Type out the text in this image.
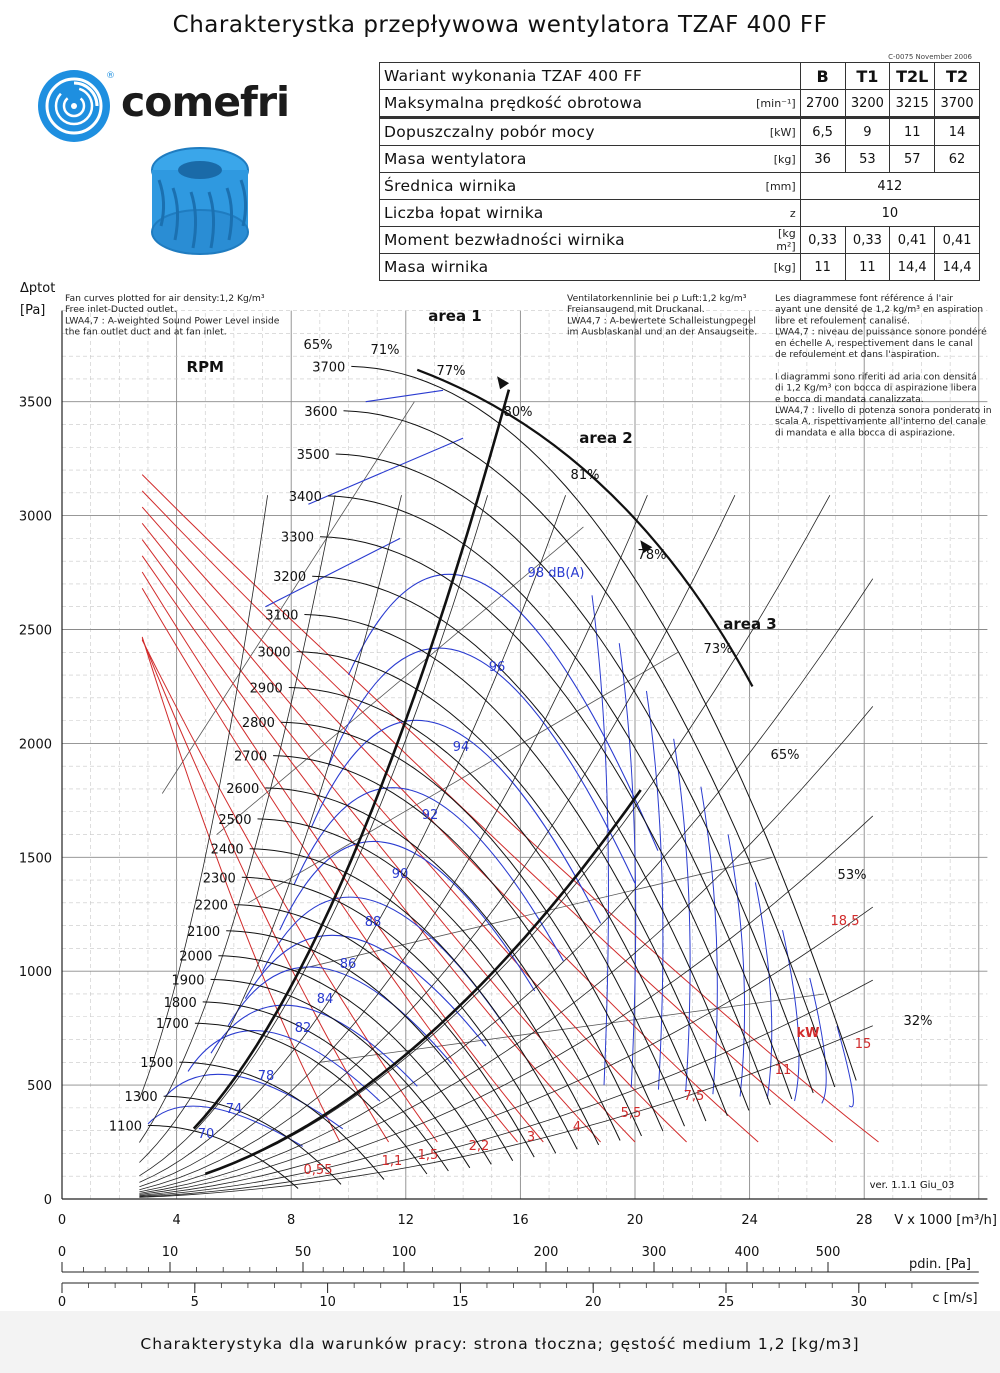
Charakterystka przepływowa wentylatora TZAF 400 FF
C-0075 November 2006
®
comefri
Wariant wykonania TZAF 400 FF		B	T1	T2L	T2
Maksymalna prędkość obrotowa	[min⁻¹]	2700	3200	3215	3700
Dopuszczalny pobór mocy	[kW]	6,5	9	11	14
Masa wentylatora	[kg]	36	53	57	62
Średnica wirnika	[mm]	412			
Liczba łopat wirnika	z	10			
Moment bezwładności wirnika	[kg m²]	0,33	0,33	0,41	0,41
Masa wirnika	[kg]	11	11	14,4	14,4
1100
1300
1500
1700
1800
1900
2000
2100
2200
2300
2400
2500
2600
2700
2800
2900
3000
3100
3200
3300
3400
3500
3600
3700
RPM
area 1
area 2
area 3
65%	71%
77%
80%
81%
78%
73%
65%
53%
32%
70
74
78
82
84
86
88
90
92
94
96
98 dB(A)
0,55
1,1 1,5
2,2
3
4
5,5
7,5
11
15
18,5
kW
ver. 1.1.1 Giu_03
0
500
1000
1500
2000
2500
3000
3500
0	4	8	12	16	20	24	28
Δptot
[Pa]
V x 1000 [m³/h]
0	10	50	100	200	300	400	500
pdin. [Pa]
0	5	10	15	20	25	30	c [m/s]
Fan curves plotted for air density:1,2 Kg/m³
Free inlet-Ducted outlet.
LWA4,7 : A-weighted Sound Power Level inside
the fan outlet duct and at fan inlet.
Ventilatorkennlinie bei ρ Luft:1,2 kg/m³
Freiansaugend mit Druckanal.
LWA4,7 : A-bewertete Schalleistungpegel
im Ausblaskanal und an der Ansaugseite.
Les diagrammese font référence á l'air
ayant une densité de 1,2 kg/m³ en aspiration
libre et refoulement canalisé.
LWA4,7 : niveau de puissance sonore pondéré
en échelle A, respectivement dans le canal
de refoulement et dans l'aspiration.
I diagrammi sono riferiti ad aria con densitá
di 1,2 Kg/m³ con bocca di aspirazione libera
e bocca di mandata canalizzata.
LWA4,7 : livello di potenza sonora ponderato in
scala A, rispettivamente all'interno del canale
di mandata e alla bocca di aspirazione.
Charakterystyka dla warunków pracy: strona tłoczna; gęstość medium 1,2 [kg/m3]
